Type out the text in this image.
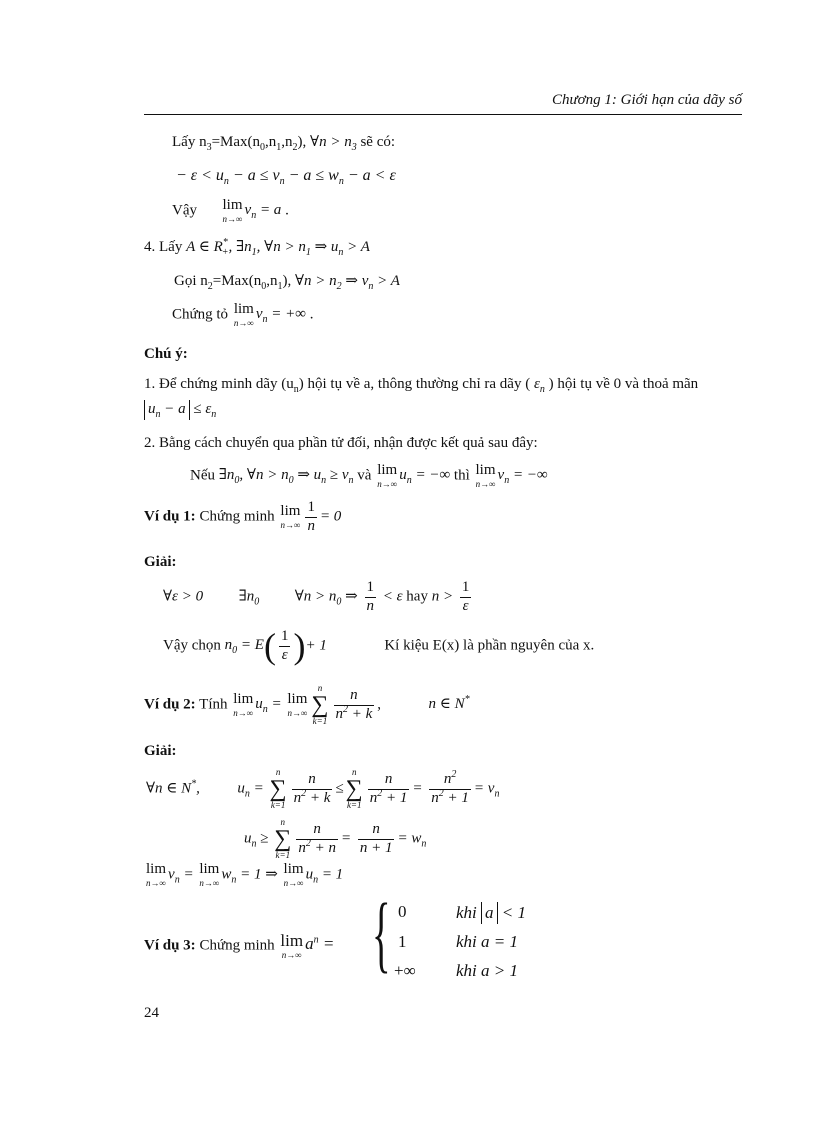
Chương 1: Giới hạn của dãy số
Lấy $n_3=Max(n_0,n_1,n_2)$, ∀n > $n_3$ sẽ có:
− $\varepsilon < u_n - a \le v_n - a \le w_n - a < \varepsilon$
Vậy lim
n→∞
$v_n = a$ .
4. Lấy A ∈ $R^*_+$, $\exists n_1$, ∀n > $n_1$ ⇒ $u_n > A$
Gọi $n_2=Max(n_0,n_1)$, ∀n > $n_2$ ⇒ $v_n > A$
Chứng tỏ lim
n→∞
$v_n$ = +∞ .
Chú ý:
1. Để chứng minh dãy $(u_n)$ hội tụ về a, thông thường chỉ ra dãy ( $\varepsilon_n$ ) hội tụ về 0 và thoả mãn
$u_n - a \le \varepsilon_n$
2. Bằng cách chuyển qua phần tử đối, nhận được kết quả sau đây:
Nếu $\exists n_0$, ∀n > $n_0$ ⇒ $u_n \ge v_n$ và lim
n→∞
$u_n$ = −∞ thì lim
n→∞
$v_n$ = −∞
Ví dụ 1: Chứng minh lim
$n\to\infty \frac{1}{n} = 0$
Giải:
∀ε > 0  $\exists n_0$  ∀n > $n_0$ ⇒ $\frac{1}{n} < \varepsilon$ hay $n > \frac{1}{\varepsilon}$
Vậy chọn $n_0 = E( \frac{1}{\varepsilon}$ )+ 1	Kí kiệu E(x) là phần nguyên của x.
Ví dụ 2: Tính lim
n→∞
$u_n = \lim$
n→∞
n
∑
$k=1 \frac{n}{n^2 + k}$ ,	n ∈ N*
Giải:
∀n ∈ N*,  $u_n$ =
n
∑
$k=1 \frac{n}{n^2 + k}$ ≤
n
∑
$k=1 \frac{n}{n^2 + 1} = \frac{n^2}{n^2 + 1} = v_n$
$u_n$ ≥
n
∑
$k=1 \frac{n}{n^2 + n} = \frac{n}{n + 1} = w_n$
lim
n→∞
$v_n = \lim$
n→∞
$w_n = 1$ ⇒ lim
n→∞
$u_n = 1$
Ví dụ 3: Chứng minh lim
n→∞
$a^n$ = { 0	khi a < 1
1	khi a = 1
+∞ khi a > 1
24
